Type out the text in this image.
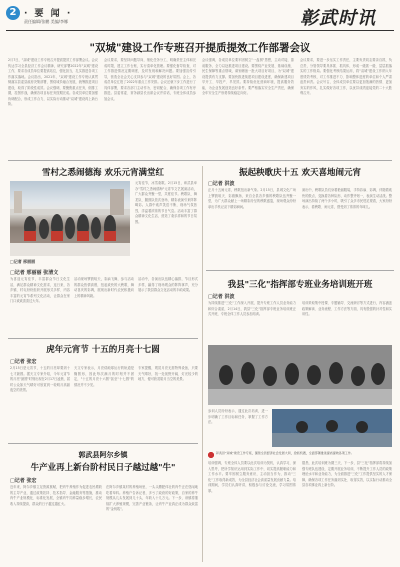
2 · 要 闻 ·
责任编辑/张鹏 美编/李娜	彰武时讯
"双城"建设工作专班召开提质提效工作部署会议
2月7日，"双城"建设工作专班召开提质提效工作部署会议。会议传达学习全县经济工作会议精神，研究部署2022年"双城"建设工作，要求各成员单位要提高站位，强化担当，扎实推进各项工作落实落地。会议指出，2021年，"双城"建设工作专班认真贯彻落实县委县政府决策部署，围绕城乡融合发展，统筹推进项目建设，取得了阶段性成效。会议强调，要聚焦重点任务，倒排工期，挂图作战，确保各项目标任务按期完成。各成员单位要加强协调配合，形成工作合力，以实际行动推动"双城"建设再上新台阶。
会议要求，要坚持问题导向，细化任务分工，明确责任主体和完成时限，建立工作台账，实行清单化管理。要强化督导检查，对工作推进情况定期调度，及时发现和解决问题。要加强宣传引导，营造全社会关心支持参与"双城"建设的良好氛围。会上，各成员单位汇报了2022年重点工作安排。会议还就下步工作进行了具体部署，要求各部门主动作为、密切配合，确保各项工作有序推进。县委常委、常务副县长出席会议并讲话，专班全体成员参加会议。
会议强调，各成员单位要牢固树立"一盘棋"思想，主动对接，靠前服务，全力以赴推进项目建设。要围绕产业发展、基础设施、民生保障等重点领域，谋划储备一批大项目好项目，为"双城"建设提供有力支撑。要加快推进续建项目建设进度，确保新建项目早开工、早投产、早见效。要持续优化营商环境，提高服务效能，为企业发展创造良好条件。要严格落实安全生产责任，确保全年安全生产形势持续稳定向好。
会议要求，要进一步压实工作责任，主要负责同志要亲自抓、负总责，分管领导要具体抓、抓具体，形成一级抓一级、层层抓落实的工作格局。要强化考核结果运用，将"双城"建设工作纳入年度绩效考核，对工作推进不力、影响整体进度的单位和个人严肃追责问责。会议号召，全体成员单位要以更加饱满的热情、更加务实的作风，扎实做好各项工作，以优异成绩迎接党的二十大胜利召开。
雪村之悉闹德海 欢乐元宵满堂红
元宵佳节，冰雪欢歌。2月15日，彰武县举办"雪村之悉闹德海"元宵节文艺展演活动，广大群众齐聚一堂，共度佳节。秧歌队、舞龙队、腰鼓队依次登场，精彩表演引来阵阵喝彩。人群中欢声笑语不断，现场气氛热烈，洋溢着浓浓的节日气息。活动丰富了群众精神文化生活，营造了欢乐祥和的节日氛围。
□记者 邢丽丽
□记者 邢丽丽 张清文
为喜迎元宵佳节，丰富群众节日文化生活，满足群众精神文化需求，连日来，各乡镇、村屯纷纷组织开展形式多样、内容丰富的元宵节系列文化活动，让群众在家门口欢欢喜喜过大年。
活动现场锣鼓喧天，彩扇飞舞，参与活动的群众热情高涨，扭起欢快的大秧歌，舞动喜庆的彩绸，展现出新时代农民积极向上的精神风貌。
活动中，各演出队伍精心编排，节目形式多样，赢得了现场观众的阵阵掌声，充分展示了我县群众文化活动的丰硕成果。
虎年元宵节 十五的月亮十七圆
□记者 张宏
2月15日是元宵节，十五的月亮却要到十七才最圆。据天文专家介绍，今年元宵节的月亮"最圆"时刻出现在2月17日凌晨，届时公众如天气晴好可欣赏到一轮明月高悬夜空的美景。
天文专家表示，月亮绕地球运行的轨道是椭圆形，因此每次满月的时刻并不固定，"十五的月亮十六圆"甚至"十七圆"的情况并不少见。
专家提醒，观赏月亮无需特殊设备，只要天气晴好，找一处视野开阔、灯光较少的地方，便可欣赏皓月当空的美景。
郭武县阿尔乡镇
牛产业再上新台阶村民日子越过越"牛"
□记者 张宏
近年来，阿尔乡镇立足资源禀赋，把肉牛养殖作为促进农民增收的主导产业，通过政策扶持、技术指导、金融服务等措施，推动肉牛产业规模化、标准化发展，全镇肉牛饲养量稳步增长，农民收入持续提高，群众的日子越过越红火。
在阿尔乡镇某村的养殖场里，一头头膘肥体壮的肉牛正在悠闲地吃着草料。养殖户告诉记者，多亏了政府的好政策，自家的养牛规模从几头发展到几十头，年收入十几万元。下一步，该镇将继续扩大养殖规模，完善产业链条，让肉牛产业真正成为群众致富的"金钥匙"。
振起秧歌庆十五 欢天喜地闹元宵
□记者 洪波
正月十五闹元宵，秧歌扭出新气象。2月15日，县城文化广场上锣鼓喧天、彩旗飘扬，来自全县各乡镇的秧歌队伍齐聚一堂，为广大群众献上一场精彩纷呈的秧歌盛宴，现场观众纷纷拿出手机记录下精彩瞬间。
演出中，秧歌队员们身着艳丽服装，手持彩扇、彩绸，伴随着欢快的鼓点，变换着各种队形，动作整齐划一，表演生动活泼。整场演出持续了两个多小时，吸引了众多市民驻足观看，大家纷纷表示，看秧歌、闹元宵，感受到了浓浓的年味儿。
我县"三化"指挥部专班业务培训班开班
□记者 洪波
为持续推进"三化"工作深入开展，提升专班工作人员业务能力和综合素质，2月14日，我县"三化"指挥部专班业务培训班正式开班，专班全体工作人员参加培训。
培训采取集中授课、专题辅导、交流研讨等方式进行，内容涵盖政策解读、业务流程、工作方法等方面，具有很强的针对性和实用性。
参训人员纷纷表示，通过此次培训，进一步明确了工作目标和任务，掌握了工作方法。
彰武县"双城"建设工作专班，围绕全县经济社会发展大局，抢抓机遇，全面部署推进提质提效各项工作。
培训强调，专班全体人员要以此次培训为契机，认真学习，深入思考，把所学知识运用到实际工作中，切实提高履职能力和工作水平。要牢固树立服务意识，主动担当作为，推动"三化"工作取得新成效，为全县经济社会高质量发展贡献力量。培训期间，学员们认真听讲，积极参与讨论交流，学习氛围浓厚。
据悉，此次培训班为期三天，下一步，县"三化"指挥部将持续加强专班队伍建设，定期开展业务培训，不断提升工作人员的政策理论水平和业务能力，为全面推进"三化"工作提供坚实的人才保障，确保各项工作任务落到实处、取得实效，以实际行动推动全县各项事业再上新台阶。
